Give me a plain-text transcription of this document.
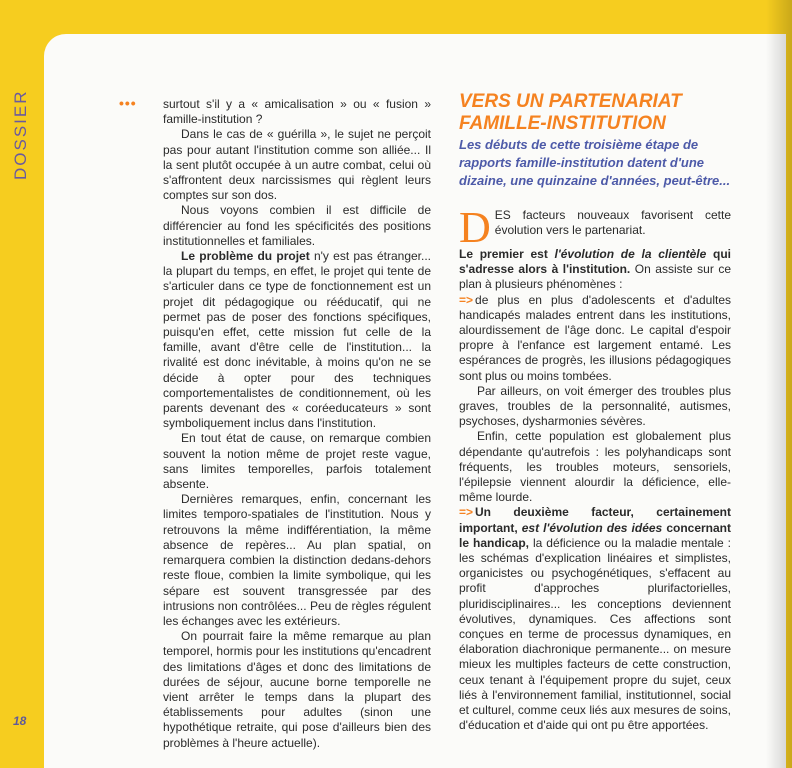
DOSSIER
18
••• surtout s'il y a « amicalisation » ou « fusion » famille-institution ?

Dans le cas de « guérilla », le sujet ne perçoit pas pour autant l'institution comme son alliée... Il la sent plutôt occupée à un autre combat, celui où s'affrontent deux narcissismes qui règlent leurs comptes sur son dos.

Nous voyons combien il est difficile de différencier au fond les spécificités des positions institutionnelles et familiales.

Le problème du projet n'y est pas étranger... la plupart du temps, en effet, le projet qui tente de s'articuler dans ce type de fonctionnement est un projet dit pédagogique ou rééducatif, qui ne permet pas de poser des fonctions spécifiques, puisqu'en effet, cette mission fut celle de la famille, avant d'être celle de l'institution... la rivalité est donc inévitable, à moins qu'on ne se décide à opter pour des techniques comportementalistes de conditionnement, où les parents devenant des « coréeducateurs » sont symboliquement inclus dans l'institution.

En tout état de cause, on remarque combien souvent la notion même de projet reste vague, sans limites temporelles, parfois totalement absente.

Dernières remarques, enfin, concernant les limites temporo-spatiales de l'institution. Nous y retrouvons la même indifférentiation, la même absence de repères... Au plan spatial, on remarquera combien la distinction dedans-dehors reste floue, combien la limite symbolique, qui les sépare est souvent transgressée par des intrusions non contrôlées... Peu de règles régulent les échanges avec les extérieurs.

On pourrait faire la même remarque au plan temporel, hormis pour les institutions qu'encadrent des limitations d'âges et donc des limitations de durées de séjour, aucune borne temporelle ne vient arrêter le temps dans la plupart des établissements pour adultes (sinon une hypothétique retraite, qui pose d'ailleurs bien des problèmes à l'heure actuelle).

VERS UN PARTENARIAT
FAMILLE-INSTITUTION
Les débuts de cette troisième étape de rapports famille-institution datent d'une dizaine, une quinzaine d'années, peut-être...

DES facteurs nouveaux favorisent cette évolution vers le partenariat.

Le premier est l'évolution de la clientèle qui s'adresse alors à l'institution. On assiste sur ce plan à plusieurs phénomènes :

=> de plus en plus d'adolescents et d'adultes handicapés malades entrent dans les institutions, alourdissement de l'âge donc. Le capital d'espoir propre à l'enfance est largement entamé. Les espérances de progrès, les illusions pédagogiques sont plus ou moins tombées.

Par ailleurs, on voit émerger des troubles plus graves, troubles de la personnalité, autismes, psychoses, dysharmonies sévères.

Enfin, cette population est globalement plus dépendante qu'autrefois : les polyhandicaps sont fréquents, les troubles moteurs, sensoriels, l'épilepsie viennent alourdir la déficience, elle-même lourde.

=> Un deuxième facteur, certainement important, est l'évolution des idées concernant le handicap, la déficience ou la maladie mentale : les schémas d'explication linéaires et simplistes, organicistes ou psychogénétiques, s'effacent au profit d'approches plurifactorielles, pluridisciplinaires... les conceptions deviennent évolutives, dynamiques. Ces affections sont conçues en terme de processus dynamiques, en élaboration diachronique permanente... on mesure mieux les multiples facteurs de cette construction, ceux tenant à l'équipement propre du sujet, ceux liés à l'environnement familial, institutionnel, social et culturel, comme ceux liés aux mesures de soins, d'éducation et d'aide qui ont pu être apportées.
